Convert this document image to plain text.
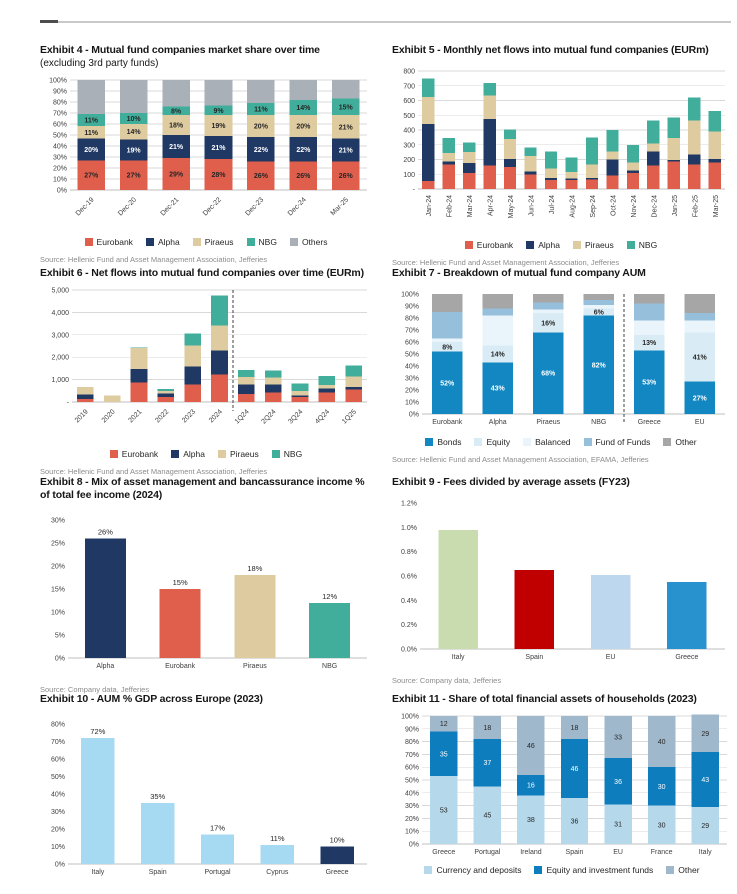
Exhibit 4 - Mutual fund companies market share over time
(excluding 3rd party funds)
27%
20%
11%
11%
27%
19%
14%
10%
29%
21%
18%
8%
28%
21%
19%
9%
26%
22%
20%
11%
26%
22%
20%
14%
26%
21%
21%
15%
0%
10%
20%
30%
40%
50%
60%
70%
80%
90%
100%
Dec-19	Dec-20	Dec-21	Dec-22	Dec-23	Dec-24	Mar-25
Eurobank	Alpha	Piraeus	NBG	Others
Source: Hellenic Fund and Asset Management Association, Jefferies
Exhibit 5 - Monthly net flows into mutual fund companies (EURm)
-
100
200
300
400
500
600
700
800
Jan-24 Feb-24 Mar-24 Apr-24 May-24 Jun-24 Jul-24 Aug-24 Sep-24 Oct-24 Nov-24 Dec-24 Jan-25 Feb-25 Mar-25
Eurobank	Alpha	Piraeus	NBG
Source: Hellenic Fund and Asset Management Association, Jefferies
Exhibit 6 - Net flows into mutual fund companies over time (EURm)
-
1,000
2,000
3,000
4,000
5,000
2019 2020 2021 2022 2023 2024 1Q24 2Q24 3Q24 4Q24 1Q25
Eurobank	Alpha	Piraeus	NBG
Source: Hellenic Fund and Asset Management Association, Jefferies
Exhibit 7 - Breakdown of mutual fund company AUM
52%
8%
43%
14%
68%
16%
82%
6%
53%
13%
27%
41%
0%
10%
20%
30%
40%
50%
60%
70%
80%
90%
100%
Eurobank	Alpha	Piraeus	NBG	Greece	EU
Bonds	Equity	Balanced	Fund of Funds	Other
Source: Hellenic Fund and Asset Management Association, EFAMA, Jefferies
Exhibit 8 - Mix of asset management and bancassurance income % of total fee income (2024)
26%
15%
18%
12%
0%
5%
10%
15%
20%
25%
30%
Alpha	Eurobank	Piraeus	NBG
Source: Company data, Jefferies
Exhibit 9 - Fees divided by average assets (FY23)
0.0%
0.2%
0.4%
0.6%
0.8%
1.0%
1.2%
Italy	Spain	EU	Greece
Source: Company data, Jefferies
Exhibit 10 - AUM % GDP across Europe (2023)
72%
35%
17%
11%	10%
0%
10%
20%
30%
40%
50%
60%
70%
80%
Italy	Spain	Portugal	Cyprus	Greece
Exhibit 11 - Share of total financial assets of households (2023)
53
35
12
45
37
18
38
16
46
36
46
18
31
36
33
30
30
40
29
43
29
0%
10%
20%
30%
40%
50%
60%
70%
80%
90%
100%
Greece	Portugal	Ireland	Spain	EU	France	Italy
Currency and deposits	Equity and investment funds	Other
